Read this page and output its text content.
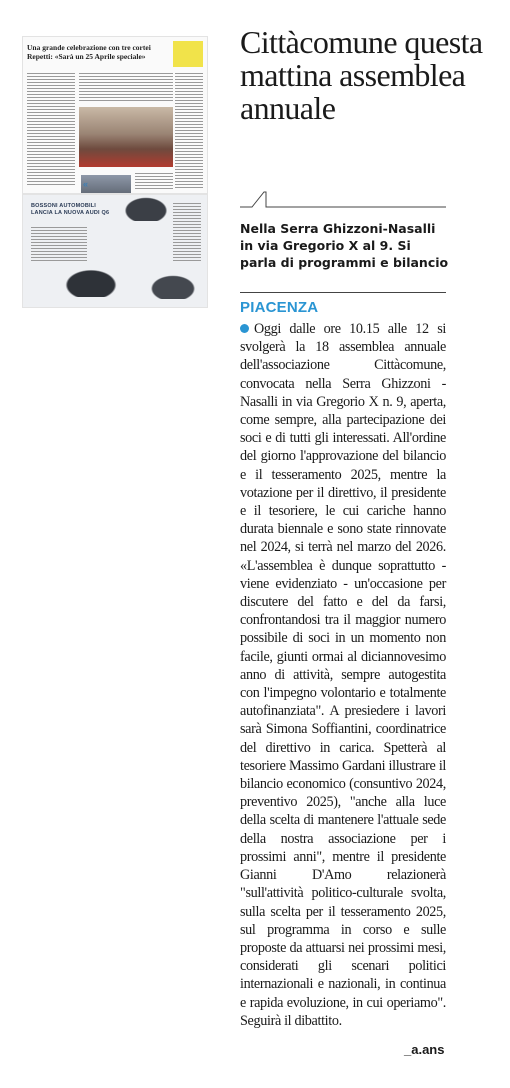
Una grande celebrazione con tre cortei Repetti: «Sarà un 25 Aprile speciale»
«
BOSSONI AUTOMOBILI LANCIA LA NUOVA AUDI Q6
Cittàcomune questa mattina assemblea annuale
Nella Serra Ghizzoni-Nasalli in via Gregorio X al 9. Si parla di programmi e bilancio
PIACENZA
Oggi dalle ore 10.15 alle 12 si svolgerà la 18 assemblea annuale dell'associazione Cittàcomune, convocata nella Serra Ghizzoni - Nasalli in via Gregorio X n. 9, aperta, come sempre, alla partecipazione dei soci e di tutti gli interessati. All'ordine del giorno l'approvazione del bilancio e il tesseramento 2025, mentre la votazione per il direttivo, il presidente e il tesoriere, le cui cariche hanno durata biennale e sono state rinnovate nel 2024, si terrà nel marzo del 2026. «L'assemblea è dunque soprattutto - viene evidenziato - un'occasione per discutere del fatto e del da farsi, confrontandosi tra il maggior numero possibile di soci in un momento non facile, giunti ormai al diciannovesimo anno di attività, sempre autogestita con l'impegno volontario e totalmente autofinanziata". A presiedere i lavori sarà Simona Soffiantini, coordinatrice del direttivo in carica. Spetterà al tesoriere Massimo Gardani illustrare il bilancio economico (consuntivo 2024, preventivo 2025), "anche alla luce della scelta di mantenere l'attuale sede della nostra associazione per i prossimi anni", mentre il presidente Gianni D'Amo relazionerà "sull'attività politico-culturale svolta, sulla scelta per il tesseramento 2025, sul programma in corso e sulle proposte da attuarsi nei prossimi mesi, considerati gli scenari politici internazionali e nazionali, in continua e rapida evoluzione, in cui operiamo". Seguirà il dibattito.
_a.ans
